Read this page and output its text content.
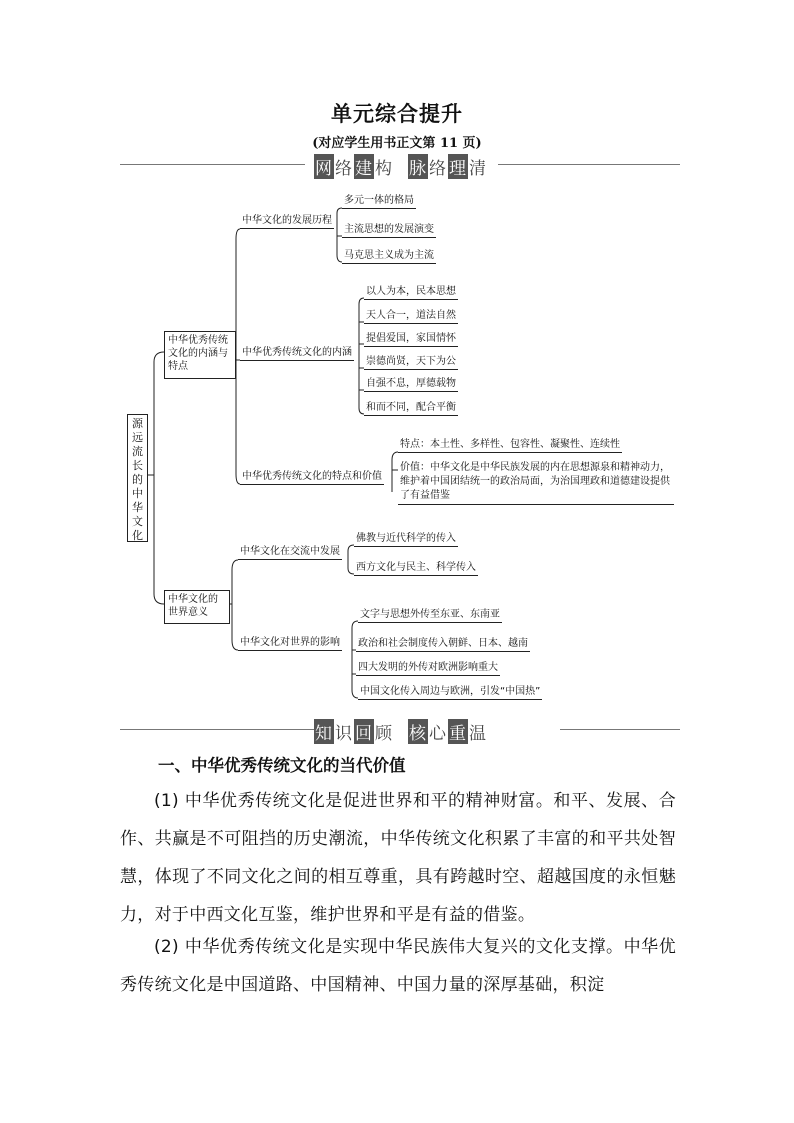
单元综合提升
(对应学生用书正文第 11 页)
网 络 建 构 脉 络 理 清
源远流长的中华文化
中华优秀传统文化的内涵与特点
中华文化的发展历程
多元一体的格局
主流思想的发展演变
马克思主义成为主流
中华优秀传统文化的内涵
以人为本，民本思想
天人合一，道法自然
提倡爱国，家国情怀
崇德尚贤，天下为公
自强不息，厚德载物
和而不同，配合平衡
中华优秀传统文化的特点和价值
特点：本土性、多样性、包容性、凝聚性、连续性
价值：中华文化是中华民族发展的内在思想源泉和精神动力，维护着中国团结统一的政治局面，为治国理政和道德建设提供了有益借鉴
中华文化的世界意义
中华文化在交流中发展
佛教与近代科学的传入
西方文化与民主、科学传入
中华文化对世界的影响
文字与思想外传至东亚、东南亚
政治和社会制度传入朝鲜、日本、越南
四大发明的外传对欧洲影响重大
中国文化传入周边与欧洲，引发“中国热”
知 识 回 顾 核 心 重 温
一、中华优秀传统文化的当代价值
(1) 中华优秀传统文化是促进世界和平的精神财富。和平、发展、合作、共赢是不可阻挡的历史潮流，中华传统文化积累了丰富的和平共处智慧，体现了不同文化之间的相互尊重，具有跨越时空、超越国度的永恒魅力，对于中西文化互鉴，维护世界和平是有益的借鉴。
(2) 中华优秀传统文化是实现中华民族伟大复兴的文化支撑。中华优秀传统文化是中国道路、中国精神、中国力量的深厚基础，积淀
